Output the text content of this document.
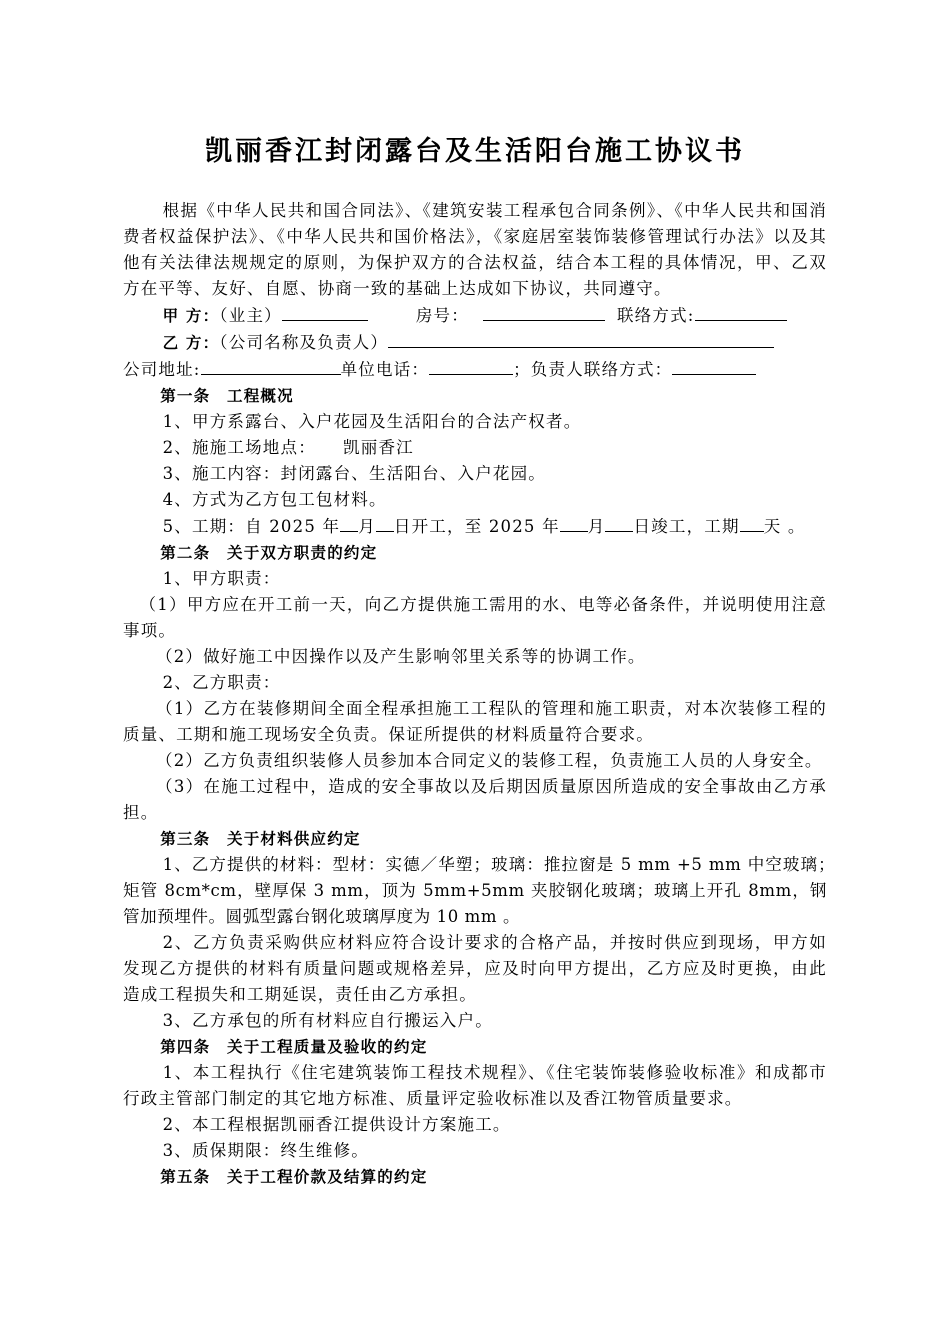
凯丽香江封闭露台及生活阳台施工协议书

根据《中华人民共和国合同法》、《建筑安装工程承包合同条例》、《中华人民共和国消费者权益保护法》、《中华人民共和国价格法》，《家庭居室装饰装修管理试行办法》以及其他有关法律法规规定的原则，为保护双方的合法权益，结合本工程的具体情况，甲、乙双方在平等、友好、自愿、协商一致的基础上达成如下协议，共同遵守。

甲 方：（业主）	房号：	联络方式:

乙 方：（公司名称及负责人）

公司地址:	单位电话：	；负责人联络方式：

第一条　工程概况

1、甲方系露台、入户花园及生活阳台的合法产权者。

2、施施工场地点：　　凯丽香江

3、施工内容：封闭露台、生活阳台、入户花园。

4、方式为乙方包工包材料。

5、工期：自 2025 年 月 日开工，至 2025 年 月 日竣工，工期 天 。

第二条　关于双方职责的约定

1、甲方职责：

（1）甲方应在开工前一天，向乙方提供施工需用的水、电等必备条件，并说明使用注意事项。

（2）做好施工中因操作以及产生影响邻里关系等的协调工作。

2、乙方职责：

（1）乙方在装修期间全面全程承担施工工程队的管理和施工职责，对本次装修工程的质量、工期和施工现场安全负责。保证所提供的材料质量符合要求。

（2）乙方负责组织装修人员参加本合同定义的装修工程，负责施工人员的人身安全。

（3）在施工过程中，造成的安全事故以及后期因质量原因所造成的安全事故由乙方承担。

第三条　关于材料供应约定

1、乙方提供的材料：型材：实德／华塑；玻璃：推拉窗是 5 mm +5 mm 中空玻璃；　矩管 8cm*cm，壁厚保 3 mm，顶为 5mm+5mm 夹胶钢化玻璃；玻璃上开孔 8mm，钢管加预埋件。圆弧型露台钢化玻璃厚度为 10 mm 。

2、乙方负责采购供应材料应符合设计要求的合格产品，并按时供应到现场，甲方如发现乙方提供的材料有质量问题或规格差异，应及时向甲方提出，乙方应及时更换，由此造成工程损失和工期延误，责任由乙方承担。

3、乙方承包的所有材料应自行搬运入户。

第四条　关于工程质量及验收的约定

1、本工程执行《住宅建筑装饰工程技术规程》、《住宅装饰装修验收标准》和成都市行政主管部门制定的其它地方标准、质量评定验收标准以及香江物管质量要求。

2、本工程根据凯丽香江提供设计方案施工。

3、质保期限：终生维修。

第五条　关于工程价款及结算的约定
